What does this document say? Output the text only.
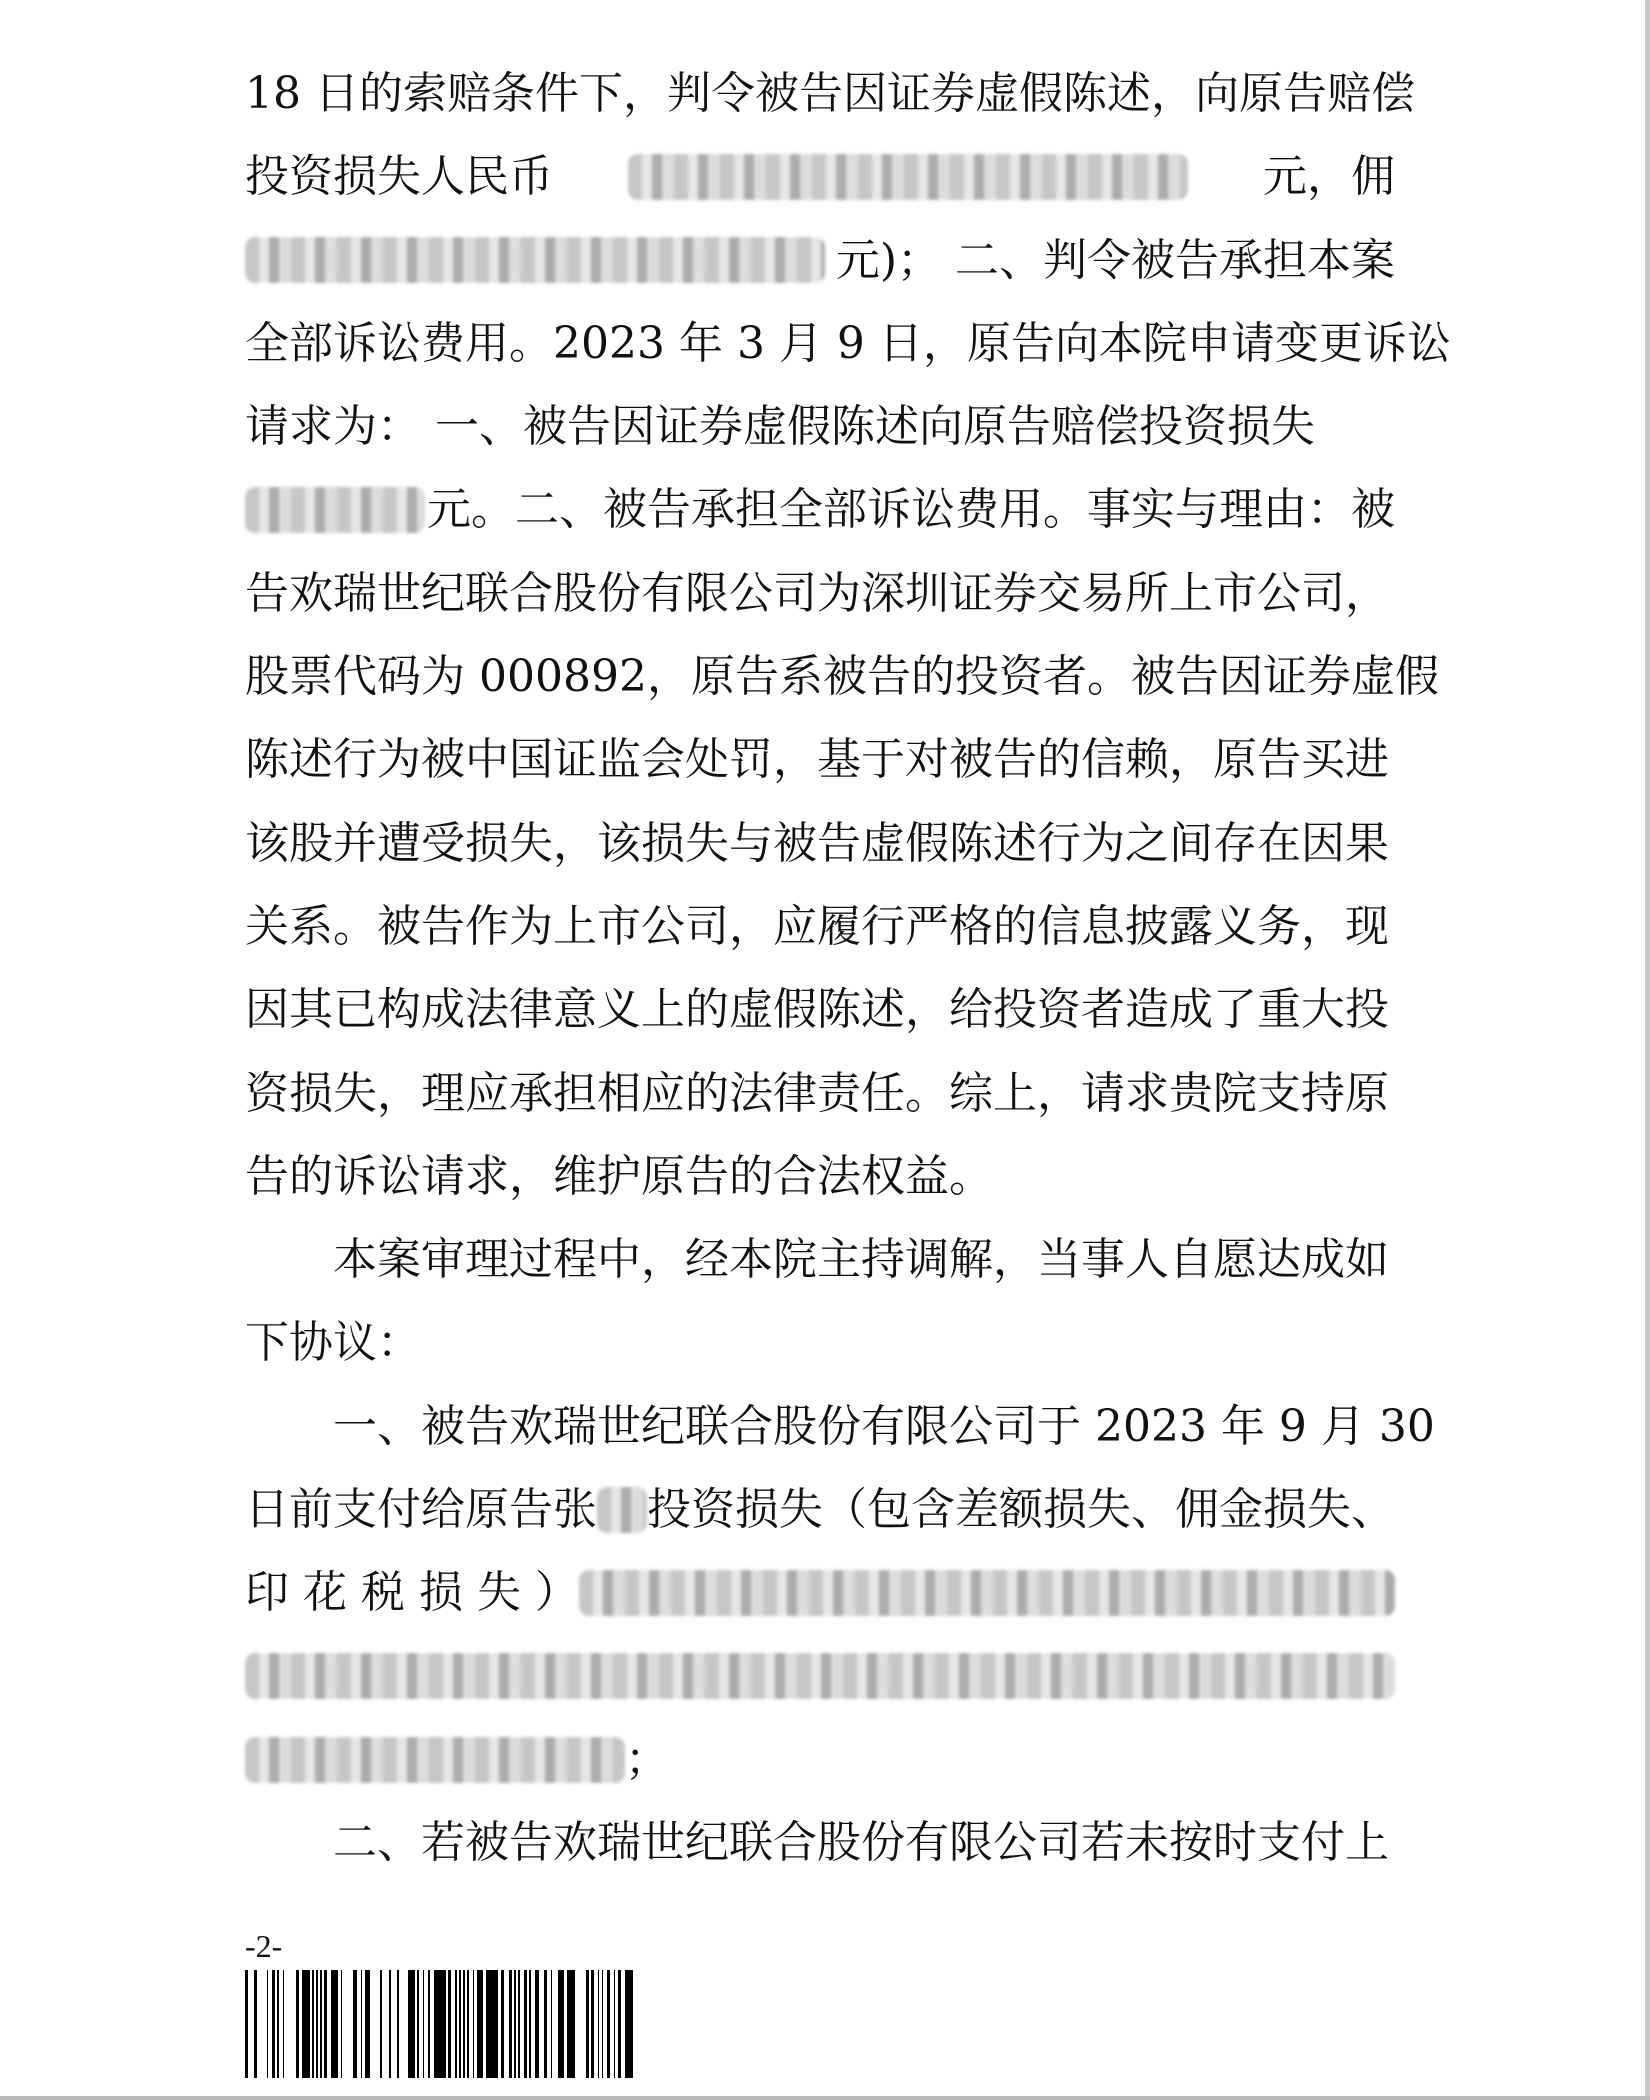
18 日的索赔条件下，判令被告因证券虚假陈述，向原告赔偿
投资损失人民币	元，佣
元)； 二、判令被告承担本案
全部诉讼费用。2023 年 3 月 9 日，原告向本院申请变更诉讼
请求为： 一、被告因证券虚假陈述向原告赔偿投资损失
元。二、被告承担全部诉讼费用。事实与理由：被
告欢瑞世纪联合股份有限公司为深圳证券交易所上市公司，
股票代码为 000892，原告系被告的投资者。被告因证券虚假
陈述行为被中国证监会处罚，基于对被告的信赖，原告买进
该股并遭受损失，该损失与被告虚假陈述行为之间存在因果
关系。被告作为上市公司，应履行严格的信息披露义务，现
因其已构成法律意义上的虚假陈述，给投资者造成了重大投
资损失，理应承担相应的法律责任。综上，请求贵院支持原
告的诉讼请求，维护原告的合法权益。
本案审理过程中，经本院主持调解，当事人自愿达成如
下协议：
一、被告欢瑞世纪联合股份有限公司于 2023 年 9 月 30
日前支付给原告张 投资损失（包含差额损失、佣金损失、
印 花 税 损 失 ）
；
二、若被告欢瑞世纪联合股份有限公司若未按时支付上
-2-
